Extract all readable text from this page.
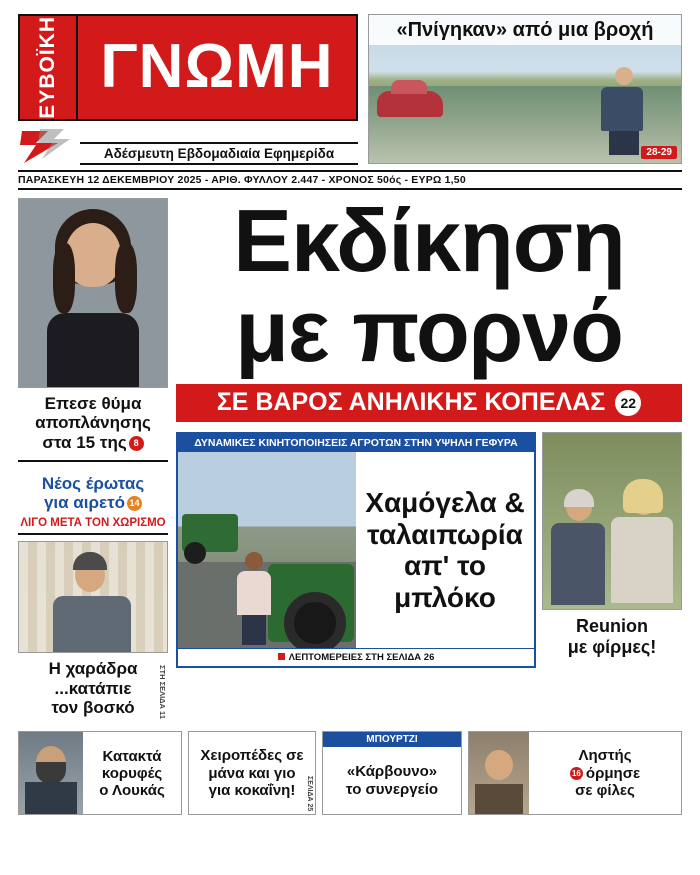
ΕΥΒΟΪΚΗ ΓΝΩΜΗ
Αδέσμευτη Εβδομαδιαία Εφημερίδα
«Πνίγηκαν» από μια βροχή
28-29
ΠΑΡΑΣΚΕΥΗ 12 ΔΕΚΕΜΒΡΙΟΥ 2025 - ΑΡΙΘ. ΦΥΛΛΟΥ 2.447 - ΧΡΟΝΟΣ 50ός - ΕΥΡΩ 1,50
Επεσε θύμα
αποπλάνησης
στα 15 της 8
Νέος έρωτας
για αιρετό 14
ΛΙΓΟ ΜΕΤΑ ΤΟΝ ΧΩΡΙΣΜΟ
Η χαράδρα
...κατάπιε
τον βοσκό	ΣΤΗ ΣΕΛΙΔΑ 11
Εκδίκηση
με πορνό
ΣΕ ΒΑΡΟΣ ΑΝΗΛΙΚΗΣ ΚΟΠΕΛΑΣ	22
ΔΥΝΑΜΙΚΕΣ ΚΙΝΗΤΟΠΟΙΗΣΕΙΣ ΑΓΡΟΤΩΝ ΣΤΗΝ ΥΨΗΛΗ ΓΕΦΥΡΑ
Χαμόγελα &
ταλαιπωρία
απ' το μπλόκο
ΛΕΠΤΟΜΕΡΕΙΕΣ ΣΤΗ ΣΕΛΙΔΑ 26
Reunion
με φίρμες!
Κατακτά
κορυφές
ο Λουκάς
Χειροπέδες σε
μάνα και γιο
για κοκαΐνη!	ΣΕΛΙΔΑ 25
ΜΠΟΥΡΤΖΙ
«Κάρβουνο»
το συνεργείο
Ληστής
16 όρμησε
σε φίλες
